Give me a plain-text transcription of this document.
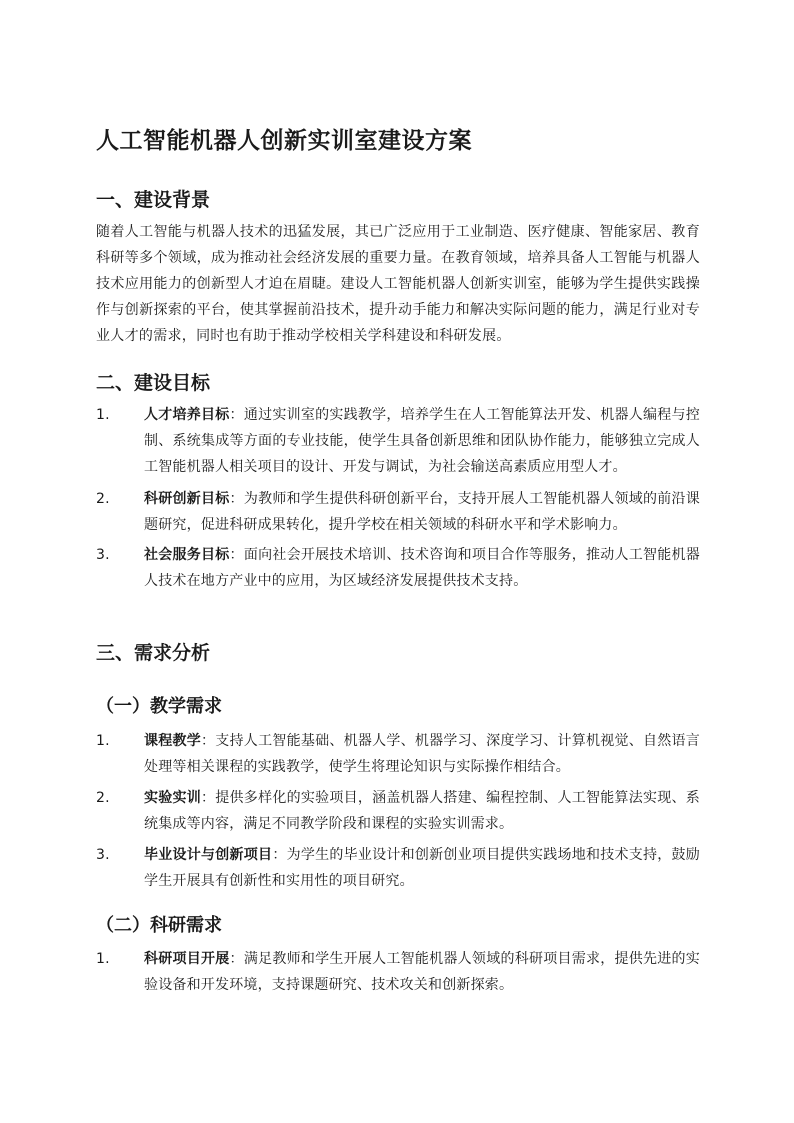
人工智能机器人创新实训室建设方案
一、建设背景

随着人工智能与机器人技术的迅猛发展，其已广泛应用于工业制造、医疗健康、智能家居、教育科研等多个领域，成为推动社会经济发展的重要力量。在教育领域，培养具备人工智能与机器人技术应用能力的创新型人才迫在眉睫。建设人工智能机器人创新实训室，能够为学生提供实践操作与创新探索的平台，使其掌握前沿技术，提升动手能力和解决实际问题的能力，满足行业对专业人才的需求，同时也有助于推动学校相关学科建设和科研发展。

二、建设目标
1. 人才培养目标：通过实训室的实践教学，培养学生在人工智能算法开发、机器人编程与控制、系统集成等方面的专业技能，使学生具备创新思维和团队协作能力，能够独立完成人工智能机器人相关项目的设计、开发与调试，为社会输送高素质应用型人才。
2. 科研创新目标：为教师和学生提供科研创新平台，支持开展人工智能机器人领域的前沿课题研究，促进科研成果转化，提升学校在相关领域的科研水平和学术影响力。
3. 社会服务目标：面向社会开展技术培训、技术咨询和项目合作等服务，推动人工智能机器人技术在地方产业中的应用，为区域经济发展提供技术支持。
三、需求分析
（一）教学需求
1. 课程教学：支持人工智能基础、机器人学、机器学习、深度学习、计算机视觉、自然语言处理等相关课程的实践教学，使学生将理论知识与实际操作相结合。
2. 实验实训：提供多样化的实验项目，涵盖机器人搭建、编程控制、人工智能算法实现、系统集成等内容，满足不同教学阶段和课程的实验实训需求。
3. 毕业设计与创新项目：为学生的毕业设计和创新创业项目提供实践场地和技术支持，鼓励学生开展具有创新性和实用性的项目研究。
（二）科研需求
1. 科研项目开展：满足教师和学生开展人工智能机器人领域的科研项目需求，提供先进的实验设备和开发环境，支持课题研究、技术攻关和创新探索。
